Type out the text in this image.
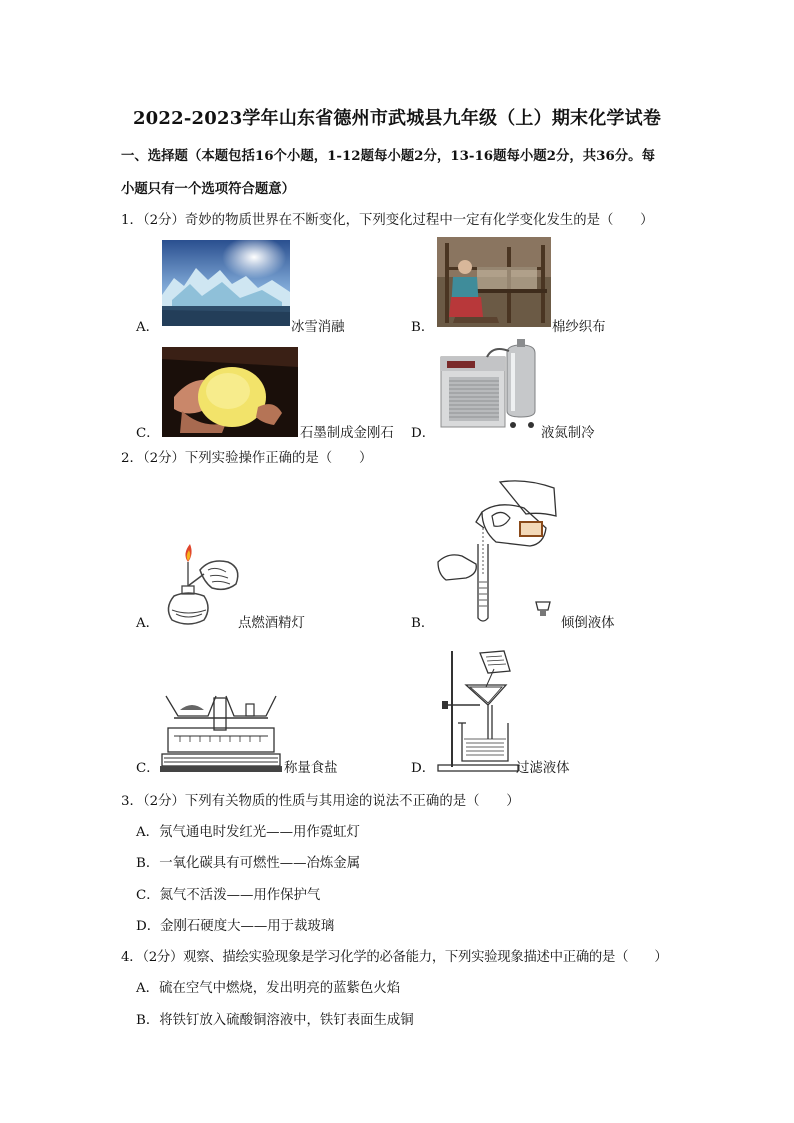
2022-2023学年山东省德州市武城县九年级（上）期末化学试卷
一、选择题（本题包括16个小题，1-12题每小题2分，13-16题每小题2分，共36分。每
小题只有一个选项符合题意）
1．（2分）奇妙的物质世界在不断变化，下列变化过程中一定有化学变化发生的是（　　）
A．	冰雪消融	B．	棉纱织布
C．	石墨制成金刚石 D．	液氮制冷
2．（2分）下列实验操作正确的是（　　）
A．	点燃酒精灯	B．	倾倒液体
C．	称量食盐	D．	过滤液体
3．（2分）下列有关物质的性质与其用途的说法不正确的是（　　）
A．氖气通电时发红光——用作霓虹灯
B．一氧化碳具有可燃性——冶炼金属
C．氮气不活泼——用作保护气
D．金刚石硬度大——用于裁玻璃
4．（2分）观察、描绘实验现象是学习化学的必备能力，下列实验现象描述中正确的是（　　）
A．硫在空气中燃烧，发出明亮的蓝紫色火焰
B．将铁钉放入硫酸铜溶液中，铁钉表面生成铜
